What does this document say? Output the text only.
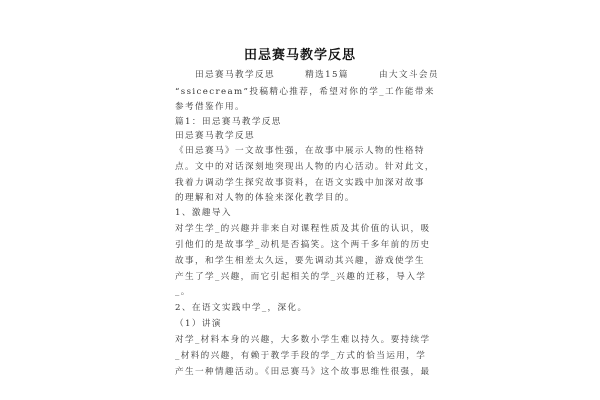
田忌赛马教学反思
田忌赛马教学反思	精选15篇	由大文斗会员
“ssicecream”投稿精心推荐，希望对你的学_工作能带来
参考借鉴作用。
篇1：田忌赛马教学反思
田忌赛马教学反思
《田忌赛马》一文故事性强，在故事中展示人物的性格特
点。文中的对话深刻地突现出人物的内心活动。针对此文，
我着力调动学生探究故事资料，在语文实践中加深对故事
的理解和对人物的体验来深化教学目的。
1、激趣导入
对学生学_的兴趣并非来自对课程性质及其价值的认识，吸
引他们的是故事学_动机是否搞笑。这个两千多年前的历史
故事，和学生相差太久远，要先调动其兴趣，游戏使学生
产生了学_兴趣，而它引起相关的学_兴趣的迁移，导入学
_。
2、在语文实践中学_，深化。
（1）讲演
对学_材料本身的兴趣，大多数小学生难以持久。要持续学
_材料的兴趣，有赖于教学手段的学_方式的恰当运用，学
产生一种情趣活动。《田忌赛马》这个故事思维性很强，最
